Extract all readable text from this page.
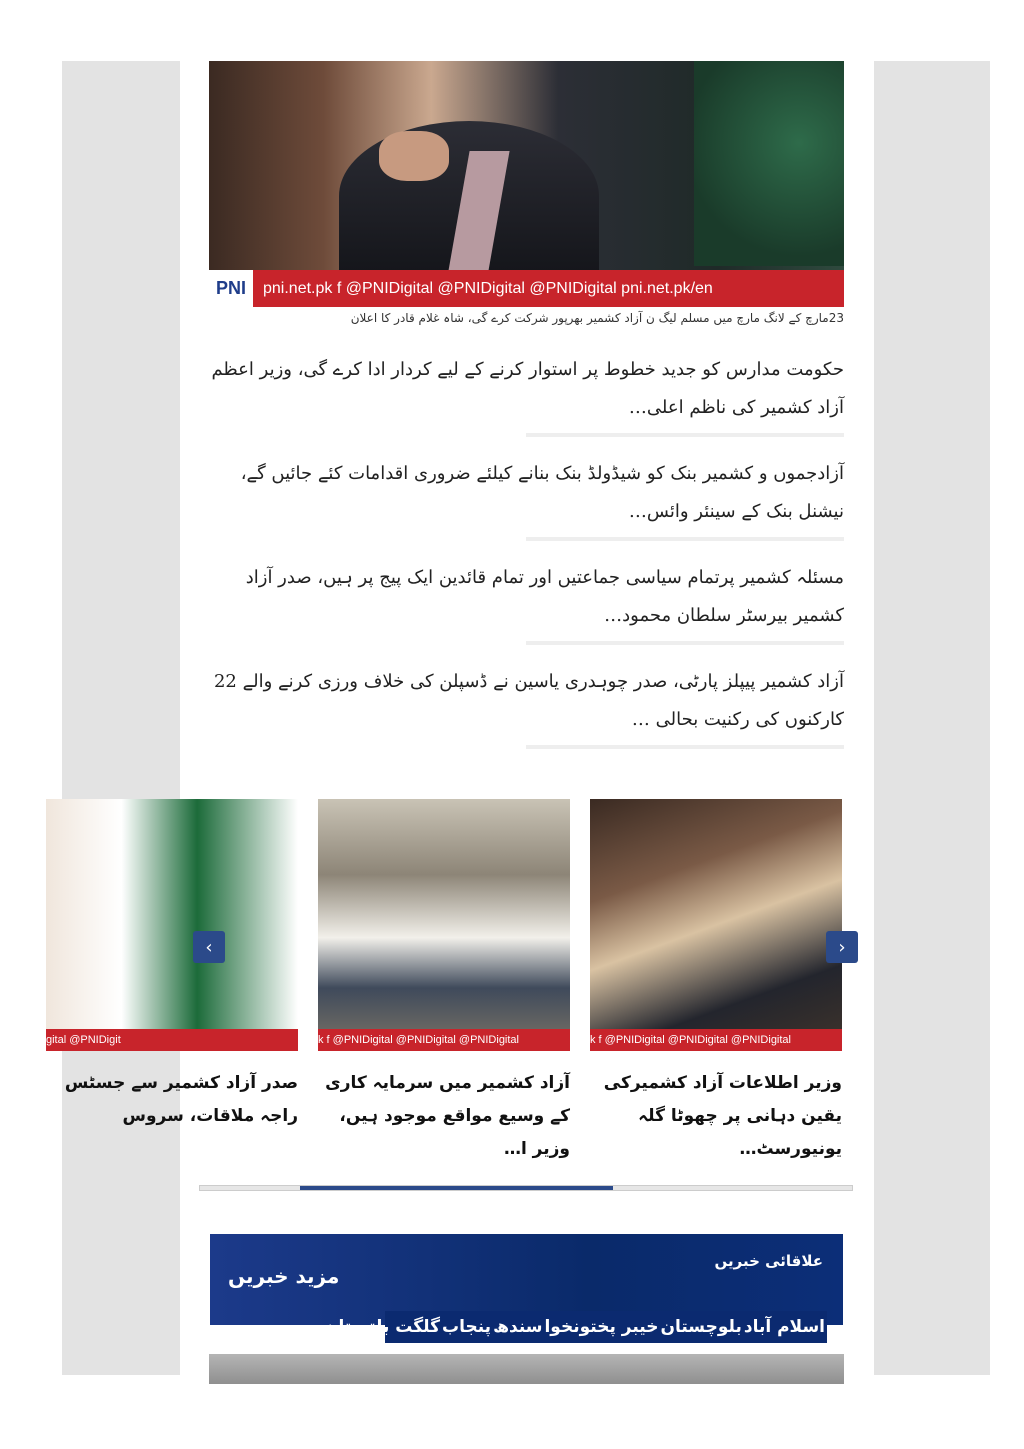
PNI	pni.net.pk f @PNIDigital @PNIDigital @PNIDigital pni.net.pk/en
23مارچ کے لانگ مارچ میں مسلم لیگ ن آزاد کشمیر بھرپور شرکت کرے گی، شاہ غلام قادر کا اعلان
حکومت مدارس کو جدید خطوط پر استوار کرنے کے لیے کردار ادا کرے گی، وزیر اعظم آزاد کشمیر کی ناظم اعلی…
آزادجموں و کشمیر بنک کو شیڈولڈ بنک بنانے کیلئے ضروری اقدامات کئے جائیں گے، نیشنل بنک کے سینئر وائس…
مسئلہ کشمیر پرتمام سیاسی جماعتیں اور تمام قائدین ایک پیج پر ہیں، صدر آزاد کشمیر بیرسٹر سلطان محمود…
آزاد کشمیر پیپلز پارٹی، صدر چوہدری یاسین نے ڈسپلن کی خلاف ورزی کرنے والے 22 کارکنوں کی رکنیت بحالی …
k f @PNIDigital @PNIDigital @PNIDigital
وزیر اطلاعات آزاد کشمیرکی یقین دہانی پر چھوٹا گلہ یونیورسٹ…
k f @PNIDigital @PNIDigital @PNIDigital
آزاد کشمیر میں سرمایہ کاری کے وسیع مواقع موجود ہیں، وزیر ا…
gital @PNIDigit
صدر آزاد کشمیر سے جسٹس راجہ ملاقات، سروس
‹	›
مزید خبریں
علاقائی خبریں
اسلام آباد
بلوچستان
خیبر پختونخوا
سندھ
پنجاب
گلگت بلتستان
